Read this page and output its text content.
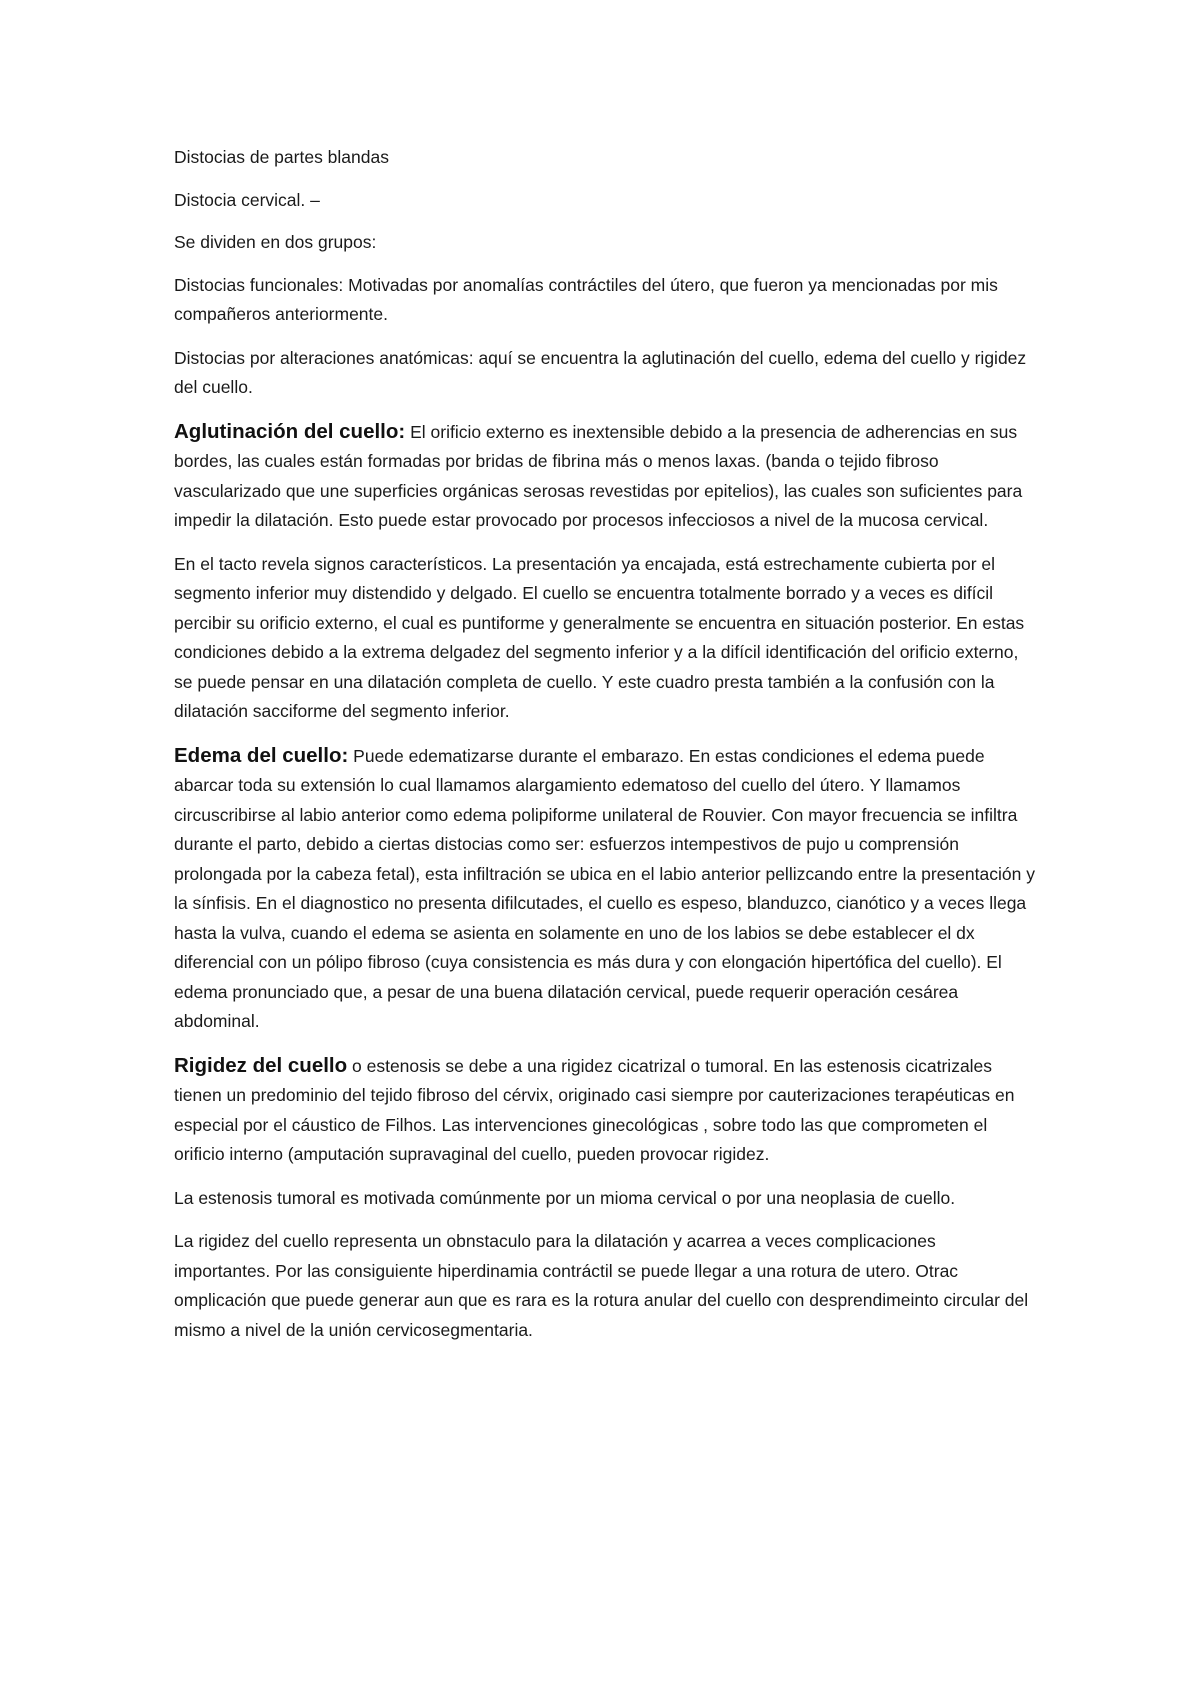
Distocias de partes blandas

Distocia cervical. –

Se dividen en dos grupos:

Distocias funcionales: Motivadas por anomalías contráctiles del útero, que fueron ya mencionadas por mis compañeros anteriormente.

Distocias por alteraciones anatómicas: aquí se encuentra la aglutinación del cuello, edema del cuello y rigidez del cuello.

Aglutinación del cuello: El orificio externo es inextensible debido a la presencia de adherencias en sus bordes, las cuales están formadas por bridas de fibrina más o menos laxas. (banda o tejido fibroso vascularizado que une superficies orgánicas serosas revestidas por epitelios), las cuales son suficientes para impedir la dilatación. Esto puede estar provocado por procesos infecciosos a nivel de la mucosa cervical.

En el tacto revela signos característicos. La presentación ya encajada, está estrechamente cubierta por el segmento inferior muy distendido y delgado. El cuello se encuentra totalmente borrado y a veces es difícil percibir su orificio externo, el cual es puntiforme y generalmente se encuentra en situación posterior. En estas condiciones debido a la extrema delgadez del segmento inferior y a la difícil identificación del orificio externo, se puede pensar en una dilatación completa de cuello. Y este cuadro presta también a la confusión con la dilatación sacciforme del segmento inferior.

Edema del cuello: Puede edematizarse durante el embarazo. En estas condiciones el edema puede abarcar toda su extensión lo cual llamamos alargamiento edematoso del cuello del útero. Y llamamos circuscribirse al labio anterior como edema polipiforme unilateral de Rouvier. Con mayor frecuencia se infiltra durante el parto, debido a ciertas distocias como ser: esfuerzos intempestivos de pujo u comprensión prolongada por la cabeza fetal), esta infiltración se ubica en el labio anterior pellizcando entre la presentación y la sínfisis. En el diagnostico no presenta difilcutades, el cuello es espeso, blanduzco, cianótico y a veces llega hasta la vulva, cuando el edema se asienta en solamente en uno de los labios se debe establecer el dx diferencial con un pólipo fibroso (cuya consistencia es más dura y con elongación hipertófica del cuello). El edema pronunciado que, a pesar de una buena dilatación cervical, puede requerir operación cesárea abdominal.

Rigidez del cuello o estenosis se debe a una rigidez cicatrizal o tumoral. En las estenosis cicatrizales tienen un predominio del tejido fibroso del cérvix, originado casi siempre por cauterizaciones terapéuticas en especial por el cáustico de Filhos. Las intervenciones ginecológicas , sobre todo las que comprometen el orificio interno (amputación supravaginal del cuello, pueden provocar rigidez.

La estenosis tumoral es motivada comúnmente por un mioma cervical o por una neoplasia de cuello.

La rigidez del cuello representa un obnstaculo para la dilatación y acarrea a veces complicaciones importantes. Por las consiguiente hiperdinamia contráctil se puede llegar a una rotura de utero. Otrac omplicación que puede generar aun que es rara es la rotura anular del cuello con desprendimeinto circular del mismo a nivel de la unión cervicosegmentaria.
